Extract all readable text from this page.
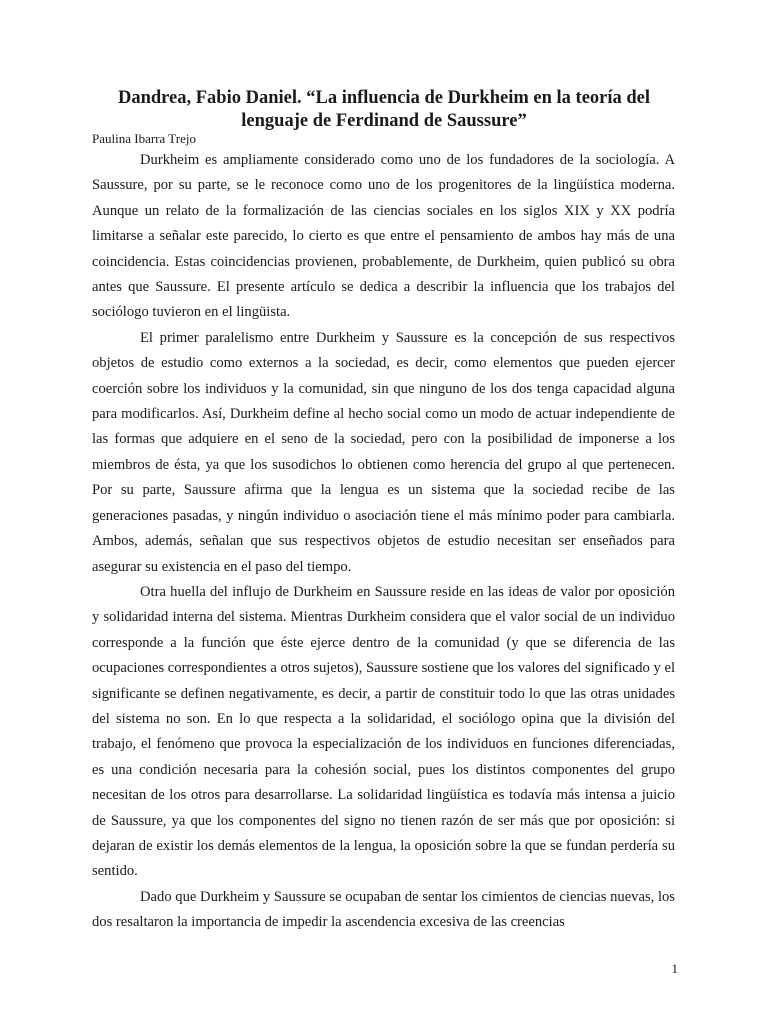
Dandrea, Fabio Daniel. “La influencia de Durkheim en la teoría del lenguaje de Ferdinand de Saussure”

Paulina Ibarra Trejo

Durkheim es ampliamente considerado como uno de los fundadores de la sociología. A Saussure, por su parte, se le reconoce como uno de los progenitores de la lingüística moderna. Aunque un relato de la formalización de las ciencias sociales en los siglos XIX y XX podría limitarse a señalar este parecido, lo cierto es que entre el pensamiento de ambos hay más de una coincidencia. Estas coincidencias provienen, probablemente, de Durkheim, quien publicó su obra antes que Saussure. El presente artículo se dedica a describir la influencia que los trabajos del sociólogo tuvieron en el lingüista.

El primer paralelismo entre Durkheim y Saussure es la concepción de sus respectivos objetos de estudio como externos a la sociedad, es decir, como elementos que pueden ejercer coerción sobre los individuos y la comunidad, sin que ninguno de los dos tenga capacidad alguna para modificarlos. Así, Durkheim define al hecho social como un modo de actuar independiente de las formas que adquiere en el seno de la sociedad, pero con la posibilidad de imponerse a los miembros de ésta, ya que los susodichos lo obtienen como herencia del grupo al que pertenecen. Por su parte, Saussure afirma que la lengua es un sistema que la sociedad recibe de las generaciones pasadas, y ningún individuo o asociación tiene el más mínimo poder para cambiarla. Ambos, además, señalan que sus respectivos objetos de estudio necesitan ser enseñados para asegurar su existencia en el paso del tiempo.

Otra huella del influjo de Durkheim en Saussure reside en las ideas de valor por oposición y solidaridad interna del sistema. Mientras Durkheim considera que el valor social de un individuo corresponde a la función que éste ejerce dentro de la comunidad (y que se diferencia de las ocupaciones correspondientes a otros sujetos), Saussure sostiene que los valores del significado y el significante se definen negativamente, es decir, a partir de constituir todo lo que las otras unidades del sistema no son. En lo que respecta a la solidaridad, el sociólogo opina que la división del trabajo, el fenómeno que provoca la especialización de los individuos en funciones diferenciadas, es una condición necesaria para la cohesión social, pues los distintos componentes del grupo necesitan de los otros para desarrollarse. La solidaridad lingüística es todavía más intensa a juicio de Saussure, ya que los componentes del signo no tienen razón de ser más que por oposición: si dejaran de existir los demás elementos de la lengua, la oposición sobre la que se fundan perdería su sentido.

Dado que Durkheim y Saussure se ocupaban de sentar los cimientos de ciencias nuevas, los dos resaltaron la importancia de impedir la ascendencia excesiva de las creencias

1
